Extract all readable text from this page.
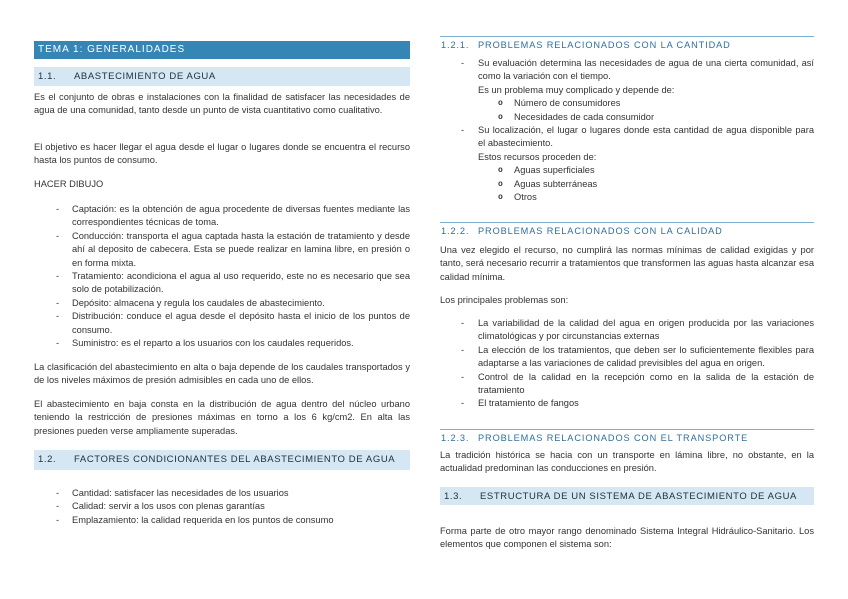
TEMA 1: GENERALIDADES
1.1.	ABASTECIMIENTO DE AGUA

Es el conjunto de obras e instalaciones con la finalidad de satisfacer las necesidades de agua de una comunidad, tanto desde un punto de vista cuantitativo como cualitativo.

El objetivo es hacer llegar el agua desde el lugar o lugares donde se encuentra el recurso hasta los puntos de consumo.

HACER DIBUJO

- Captación: es la obtención de agua procedente de diversas fuentes mediante las correspondientes técnicas de toma.
- Conducción: transporta el agua captada hasta la estación de tratamiento y desde ahí al deposito de cabecera. Esta se puede realizar en lamina libre, en presión o en forma mixta.
- Tratamiento: acondiciona el agua al uso requerido, este no es necesario que sea solo de potabilización.
- Depósito: almacena y regula los caudales de abastecimiento.
- Distribución: conduce el agua desde el depósito hasta el inicio de los puntos de consumo.
- Suministro: es el reparto a los usuarios con los caudales requeridos.

La clasificación del abastecimiento en alta o baja depende de los caudales transportados y de los niveles máximos de presión admisibles en cada uno de ellos.

El abastecimiento en baja consta en la distribución de agua dentro del núcleo urbano teniendo la restricción de presiones máximas en torno a los 6 kg/cm2. En alta las presiones pueden verse ampliamente superadas.

1.2.	FACTORES CONDICIONANTES DEL ABASTECIMIENTO DE AGUA
- Cantidad: satisfacer las necesidades de los usuarios
- Calidad: servir a los usos con plenas garantías
- Emplazamiento: la calidad requerida en los puntos de consumo
1.2.1. PROBLEMAS RELACIONADOS CON LA CANTIDAD
- Su evaluación determina las necesidades de agua de una cierta comunidad, así como la variación con el tiempo.
Es un problema muy complicado y depende de:
o Número de consumidores
o Necesidades de cada consumidor
- Su localización, el lugar o lugares donde esta cantidad de agua disponible para el abastecimiento.
Estos recursos proceden de:
o Aguas superficiales
o Aguas subterráneas
o Otros
1.2.2. PROBLEMAS RELACIONADOS CON LA CALIDAD

Una vez elegido el recurso, no cumplirá las normas mínimas de calidad exigidas y por tanto, será necesario recurrir a tratamientos que transformen las aguas hasta alcanzar esa calidad mínima.

Los principales problemas son:

- La variabilidad de la calidad del agua en origen producida por las variaciones climatológicas y por circunstancias externas
- La elección de los tratamientos, que deben ser lo suficientemente flexibles para adaptarse a las variaciones de calidad previsibles del agua en origen.
- Control de la calidad en la recepción como en la salida de la estación de tratamiento
- El tratamiento de fangos
1.2.3. PROBLEMAS RELACIONADOS CON EL TRANSPORTE

La tradición histórica se hacia con un transporte en lámina libre, no obstante, en la actualidad predominan las conducciones en presión.

1.3.	ESTRUCTURA DE UN SISTEMA DE ABASTECIMIENTO DE AGUA

Forma parte de otro mayor rango denominado Sistema Integral Hidráulico-Sanitario. Los elementos que componen el sistema son:
